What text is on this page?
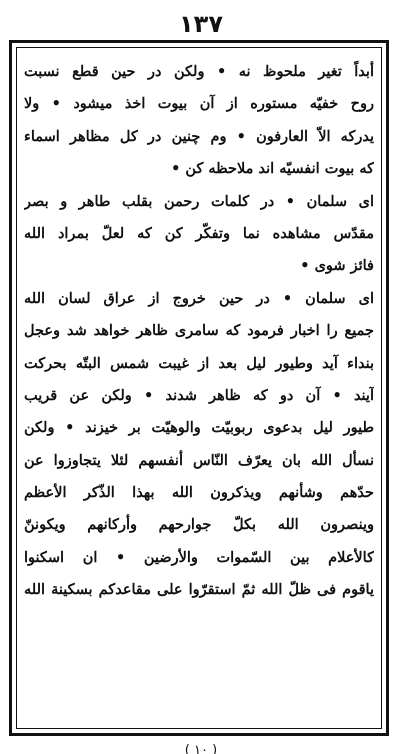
١٣٧
أبداً تغير ملحوظ نه • ولكن در حين قطع نسبت
روح خفيّه مستوره از آن بيوت اخذ ميشود • ولا
يدركه الاّ العارفون • وم چنين در كل مظاهر اسماء
كه بيوت انفسيّه اند ملاحظه كن •
اى سلمان • در كلمات رحمن بقلب طاهر و بصر
مقدّس مشاهده نما وتفكّر كن كه لعلّ بمراد الله
فائز شوى •
اى سلمان • در حين خروج از عراق لسان الله
جميع را اخبار فرمود كه سامرى ظاهر خواهد شد وعجل
بنداء آيد وطيور ليل بعد از غيبت شمس البتّه بحركت
آيند • آن دو كه ظاهر شدند • ولكن عن قريب
طيور ليل بدعوى ربوبيّت والوهيّت بر خيزند • ولكن
نسأل الله بان يعرّف النّاس أنفسهم لئلا يتجاوزوا عن
حدّهم وشأنهم ويذكرون الله بهذا الذّكر الأعظم
وينصرون الله بكلّ جوارحهم وأركانهم ويكوننّ
كالأعلام بين السّموات والأرضين • ان اسكنوا
ياقوم فى ظلّ الله ثمّ استقرّوا على مقاعدكم بسكينة الله
( ١٠ )
